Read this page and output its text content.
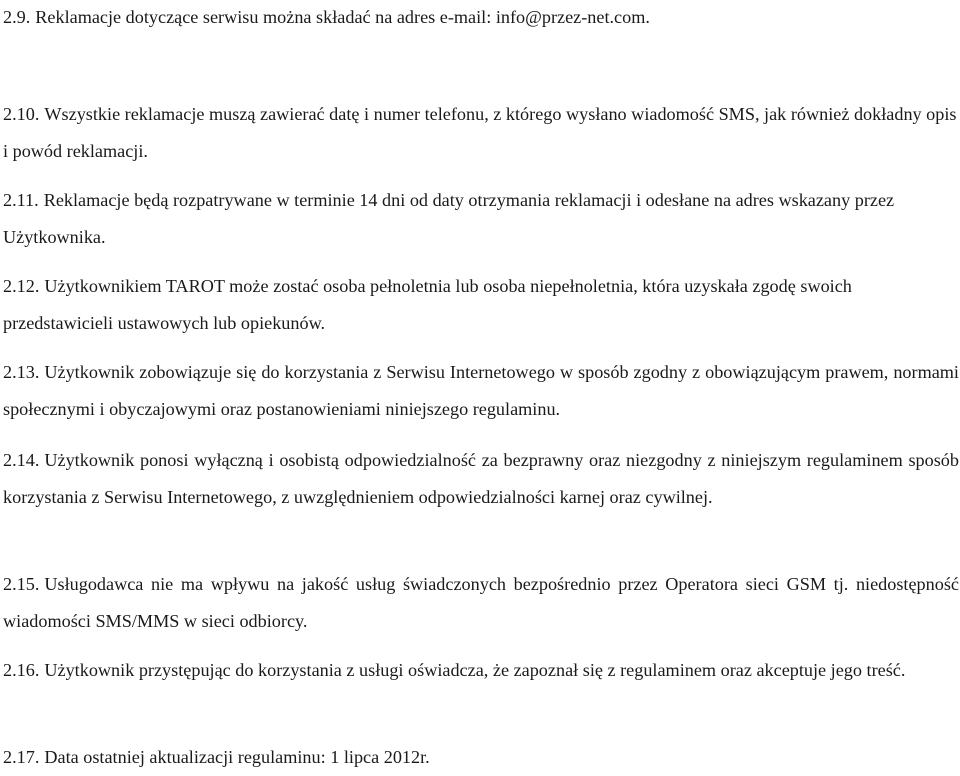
2.9. Reklamacje dotyczące serwisu można składać na adres e-mail: info@przez-net.com.

2.10. Wszystkie reklamacje muszą zawierać datę i numer telefonu, z którego wysłano wiadomość SMS, jak również dokładny opis i powód reklamacji.

2.11. Reklamacje będą rozpatrywane w terminie 14 dni od daty otrzymania reklamacji i odesłane na adres wskazany przez Użytkownika.

2.12. Użytkownikiem TAROT może zostać osoba pełnoletnia lub osoba niepełnoletnia, która uzyskała zgodę swoich przedstawicieli ustawowych lub opiekunów.

2.13. Użytkownik zobowiązuje się do korzystania z Serwisu Internetowego w sposób zgodny z obowiązującym prawem, normami społecznymi i obyczajowymi oraz postanowieniami niniejszego regulaminu.

2.14. Użytkownik ponosi wyłączną i osobistą odpowiedzialność za bezprawny oraz niezgodny z niniejszym regulaminem sposób korzystania z Serwisu Internetowego, z uwzględnieniem odpowiedzialności karnej oraz cywilnej.

2.15. Usługodawca nie ma wpływu na jakość usług świadczonych bezpośrednio przez Operatora sieci GSM tj. niedostępność wiadomości SMS/MMS w sieci odbiorcy.

2.16. Użytkownik przystępując do korzystania z usługi oświadcza, że zapoznał się z regulaminem oraz akceptuje jego treść.

2.17. Data ostatniej aktualizacji regulaminu: 1 lipca 2012r.
